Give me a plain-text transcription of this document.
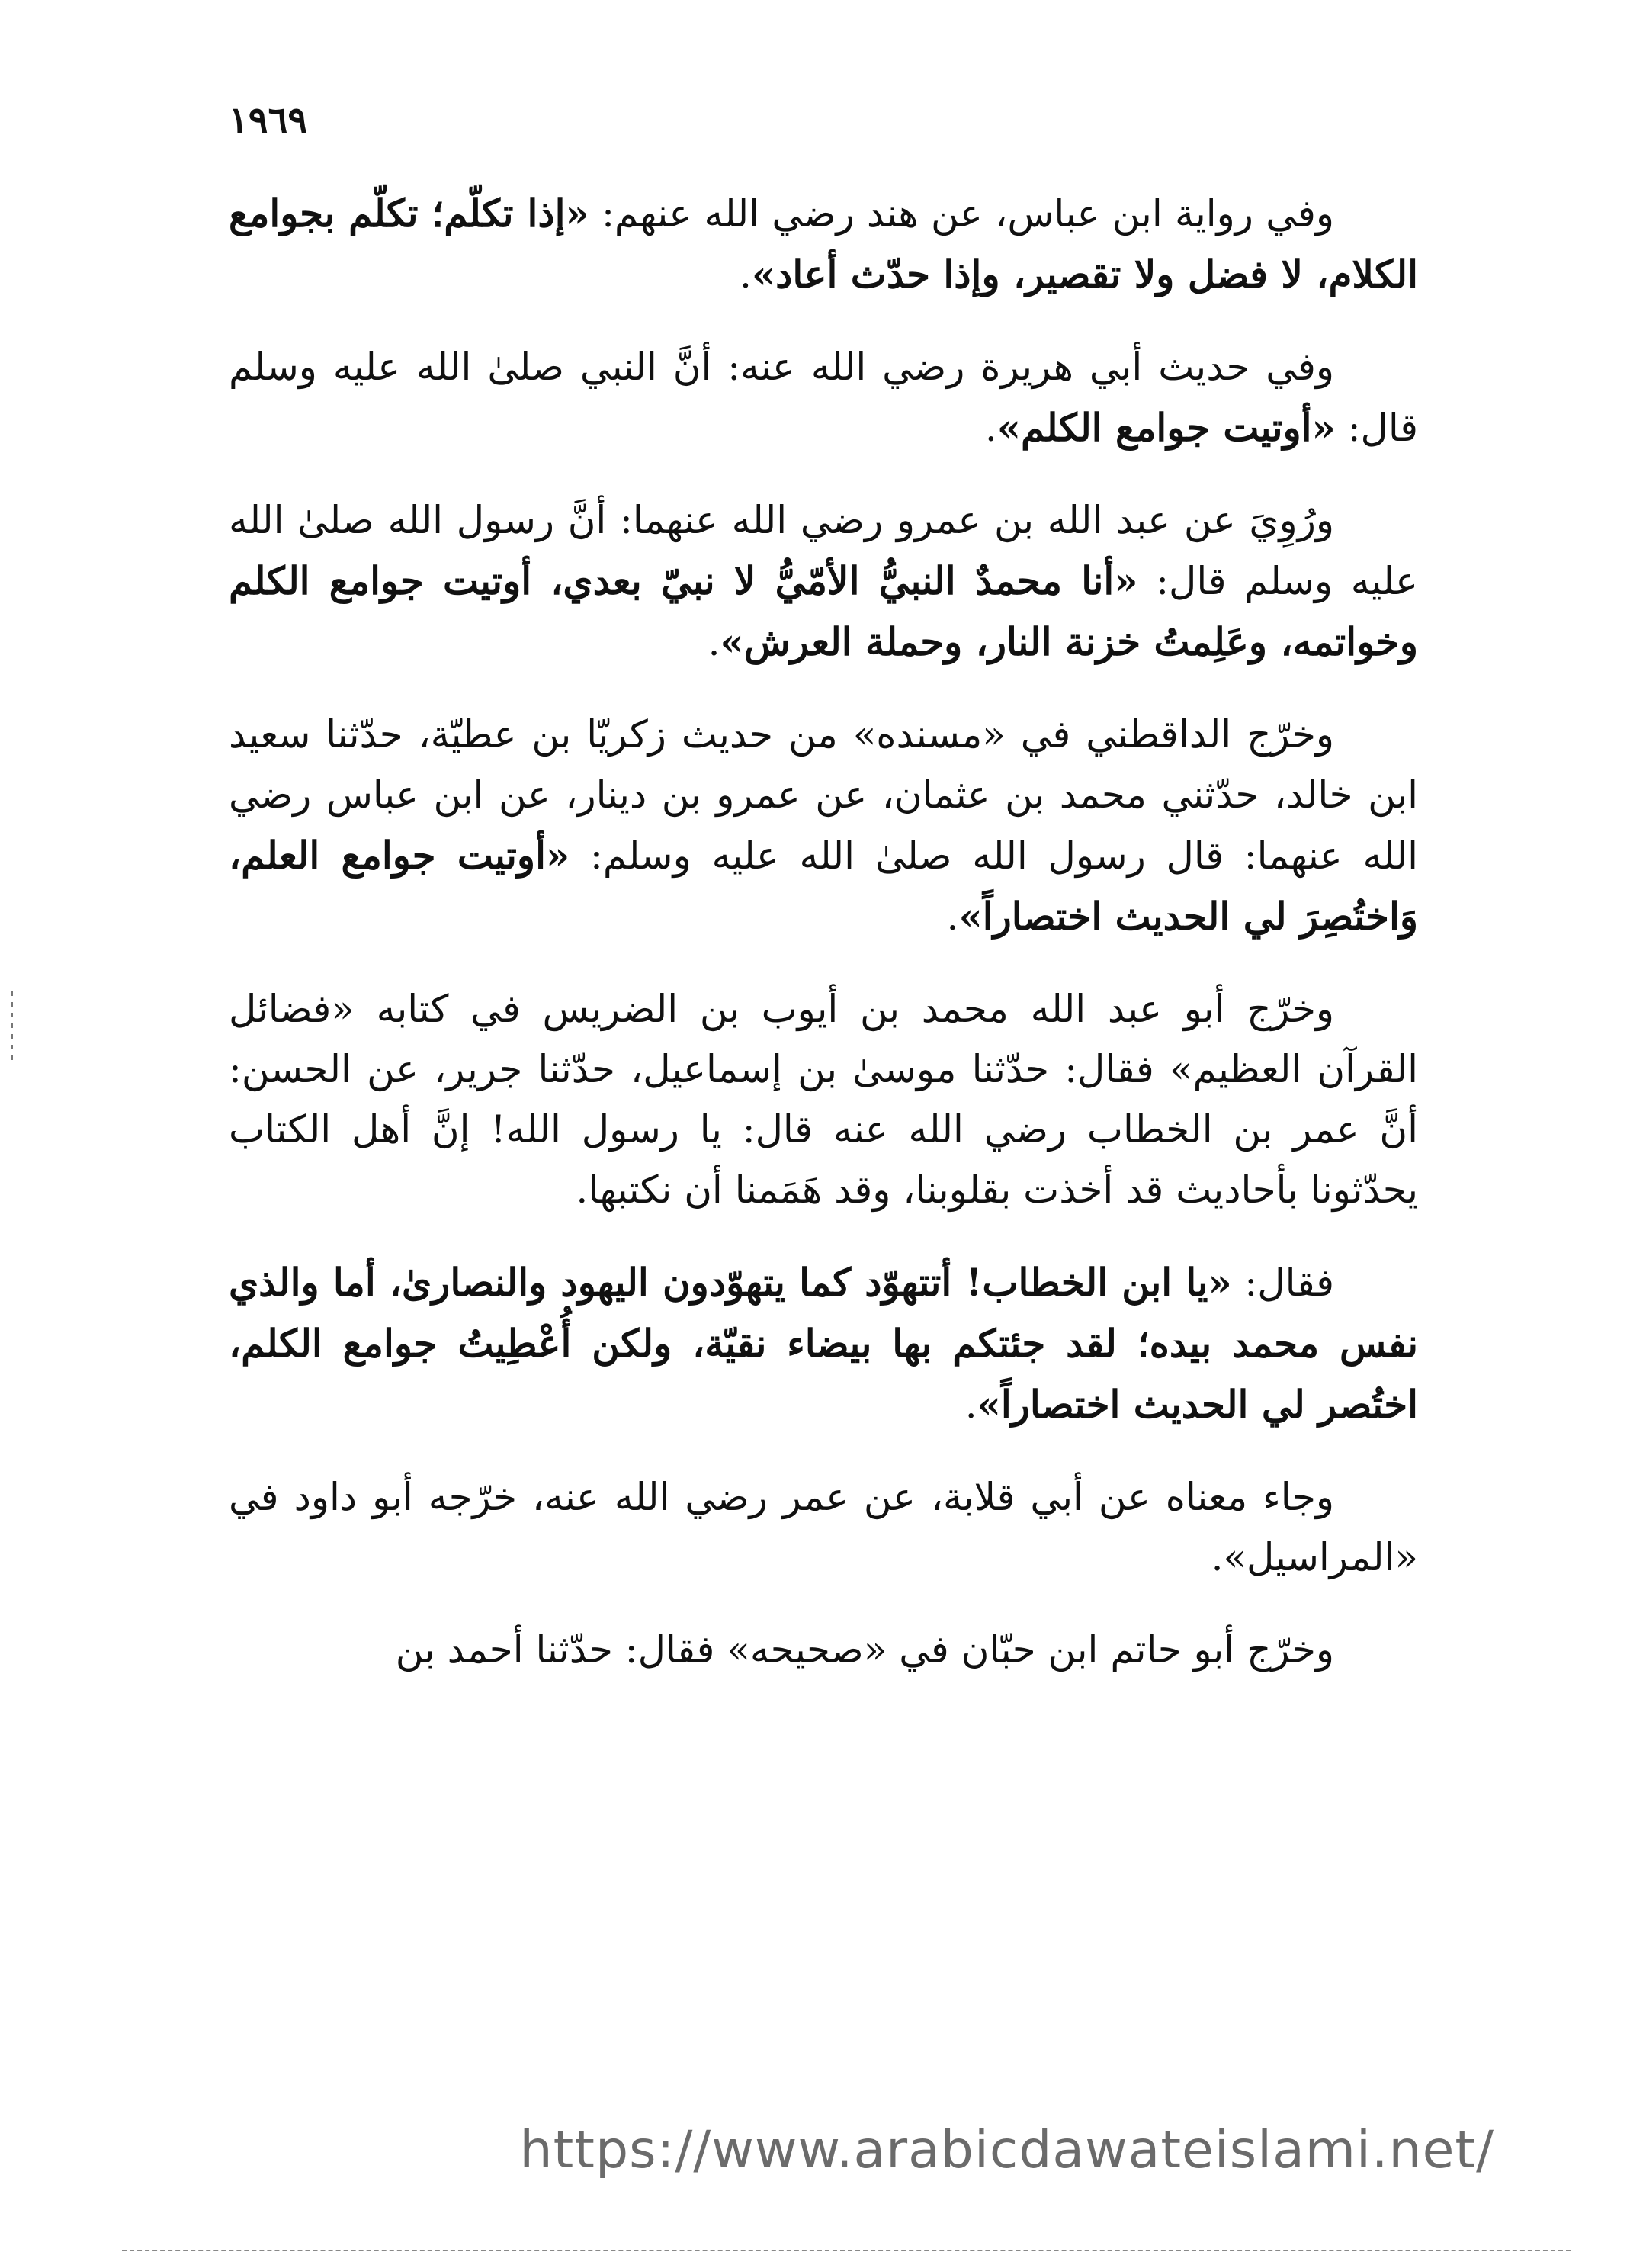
١٩٦٩

وفي رواية ابن عباس، عن هند رضي الله عنهم: «إذا تكلّم؛ تكلّم بجوامع الكلام، لا فضل ولا تقصير، وإذا حدّث أعاد».

وفي حديث أبي هريرة رضي الله عنه: أنَّ النبي صلىٰ الله عليه وسلم قال: «أوتيت جوامع الكلم».

ورُوِيَ عن عبد الله بن عمرو رضي الله عنهما: أنَّ رسول الله صلىٰ الله عليه وسلم قال: «أنا محمدٌ النبيُّ الأمّيُّ لا نبيّ بعدي، أوتيت جوامع الكلم وخواتمه، وعَلِمتُ خزنة النار، وحملة العرش».

وخرّج الداقطني في «مسنده» من حديث زكريّا بن عطيّة، حدّثنا سعيد ابن خالد، حدّثني محمد بن عثمان، عن عمرو بن دينار، عن ابن عباس رضي الله عنهما: قال رسول الله صلىٰ الله عليه وسلم: «أوتيت جوامع العلم، وَاختُصِرَ لي الحديث اختصاراً».

وخرّج أبو عبد الله محمد بن أيوب بن الضريس في كتابه «فضائل القرآن العظيم» فقال: حدّثنا موسىٰ بن إسماعيل، حدّثنا جرير، عن الحسن: أنَّ عمر بن الخطاب رضي الله عنه قال: يا رسول الله! إنَّ أهل الكتاب يحدّثونا بأحاديث قد أخذت بقلوبنا، وقد هَمَمنا أن نكتبها.

فقال: «يا ابن الخطاب! أتتهوّد كما يتهوّدون اليهود والنصارىٰ، أما والذي نفس محمد بيده؛ لقد جئتكم بها بيضاء نقيّة، ولكن أُعْطِيتُ جوامع الكلم، اختُصر لي الحديث اختصاراً».

وجاء معناه عن أبي قلابة، عن عمر رضي الله عنه، خرّجه أبو داود في «المراسيل».

وخرّج أبو حاتم ابن حبّان في «صحيحه» فقال: حدّثنا أحمد بن

https://www.arabicdawateislami.net/
